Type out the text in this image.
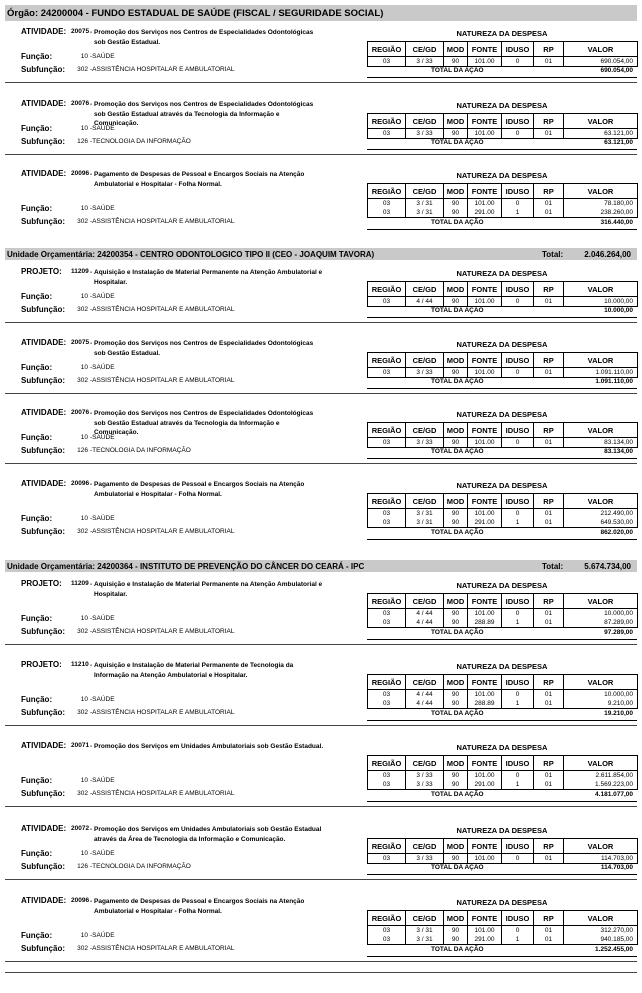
Órgão: 24200004 - FUNDO ESTADUAL DE SAÚDE (FISCAL / SEGURIDADE SOCIAL)
Unidade Orçamentária: 24200354 - CENTRO ODONTOLOGICO TIPO II (CEO - JOAQUIM TAVORA)	Total:	2.046.264,00
Unidade Orçamentária: 24200364 - INSTITUTO DE PREVENÇÃO DO CÂNCER DO CEARÁ - IPC	Total:	5.674.734,00
ATIVIDADE: 20075 - Promoção dos Serviços nos Centros de Especialidades Odontológicas
sob Gestão Estadual.
Função:	10 -SAÚDE
Subfunção:	302 -ASSISTÊNCIA HOSPITALAR E AMBULATORIAL
NATUREZA DA DESPESA
REGIÃO	CE/GD	MOD	FONTE	IDUSO	RP	VALOR
03	3 / 33	90	101.00	0	01	690.054,00
TOTAL DA AÇÃO	690.054,00
ATIVIDADE: 20076 - Promoção dos Serviços nos Centros de Especialidades Odontológicas
sob Gestão Estadual através da Tecnologia da Informação e
Comunicação.
Função:	10 -SAÚDE
Subfunção:	126 -TECNOLOGIA DA INFORMAÇÃO
NATUREZA DA DESPESA
REGIÃO	CE/GD	MOD	FONTE	IDUSO	RP	VALOR
03	3 / 33	90	101.00	0	01	63.121,00
TOTAL DA AÇÃO	63.121,00
ATIVIDADE: 20096 - Pagamento de Despesas de Pessoal e Encargos Sociais na Atenção
Ambulatorial e Hospitalar - Folha Normal.
Função:	10 -SAÚDE
Subfunção:	302 -ASSISTÊNCIA HOSPITALAR E AMBULATORIAL
NATUREZA DA DESPESA
REGIÃO	CE/GD	MOD	FONTE	IDUSO	RP	VALOR
03	3 / 31	90	101.00	0	01	78.180,00
03	3 / 31	90	291.00	1	01	238.260,00
TOTAL DA AÇÃO	316.440,00
PROJETO: 11209 - Aquisição e Instalação de Material Permanente na Atenção Ambulatorial e
Hospitalar.
Função:	10 -SAÚDE
Subfunção:	302 -ASSISTÊNCIA HOSPITALAR E AMBULATORIAL
NATUREZA DA DESPESA
REGIÃO	CE/GD	MOD	FONTE	IDUSO	RP	VALOR
03	4 / 44	90	101.00	0	01	10.000,00
TOTAL DA AÇÃO	10.000,00
ATIVIDADE: 20075 - Promoção dos Serviços nos Centros de Especialidades Odontológicas
sob Gestão Estadual.
Função:	10 -SAÚDE
Subfunção:	302 -ASSISTÊNCIA HOSPITALAR E AMBULATORIAL
NATUREZA DA DESPESA
REGIÃO	CE/GD	MOD	FONTE	IDUSO	RP	VALOR
03	3 / 33	90	101.00	0	01	1.091.110,00
TOTAL DA AÇÃO	1.091.110,00
ATIVIDADE: 20076 - Promoção dos Serviços nos Centros de Especialidades Odontológicas
sob Gestão Estadual através da Tecnologia da Informação e
Comunicação.
Função:	10 -SAÚDE
Subfunção:	126 -TECNOLOGIA DA INFORMAÇÃO
NATUREZA DA DESPESA
REGIÃO	CE/GD	MOD	FONTE	IDUSO	RP	VALOR
03	3 / 33	90	101.00	0	01	83.134,00
TOTAL DA AÇÃO	83.134,00
ATIVIDADE: 20096 - Pagamento de Despesas de Pessoal e Encargos Sociais na Atenção
Ambulatorial e Hospitalar - Folha Normal.
Função:	10 -SAÚDE
Subfunção:	302 -ASSISTÊNCIA HOSPITALAR E AMBULATORIAL
NATUREZA DA DESPESA
REGIÃO	CE/GD	MOD	FONTE	IDUSO	RP	VALOR
03	3 / 31	90	101.00	0	01	212.490,00
03	3 / 31	90	291.00	1	01	649.530,00
TOTAL DA AÇÃO	862.020,00
PROJETO: 11209 - Aquisição e Instalação de Material Permanente na Atenção Ambulatorial e
Hospitalar.
Função:	10 -SAÚDE
Subfunção:	302 -ASSISTÊNCIA HOSPITALAR E AMBULATORIAL
NATUREZA DA DESPESA
REGIÃO	CE/GD	MOD	FONTE	IDUSO	RP	VALOR
03	4 / 44	90	101.00	0	01	10.000,00
03	4 / 44	90	288.89	1	01	87.289,00
TOTAL DA AÇÃO	97.289,00
PROJETO: 11210 - Aquisição e Instalação de Material Permanente de Tecnologia da
Informação na Atenção Ambulatorial e Hospitalar.
Função:	10 -SAÚDE
Subfunção:	302 -ASSISTÊNCIA HOSPITALAR E AMBULATORIAL
NATUREZA DA DESPESA
REGIÃO	CE/GD	MOD	FONTE	IDUSO	RP	VALOR
03	4 / 44	90	101.00	0	01	10.000,00
03	4 / 44	90	288.89	1	01	9.210,00
TOTAL DA AÇÃO	19.210,00
ATIVIDADE: 20071 - Promoção dos Serviços em Unidades Ambulatoriais sob Gestão Estadual.
Função:	10 -SAÚDE
Subfunção:	302 -ASSISTÊNCIA HOSPITALAR E AMBULATORIAL
NATUREZA DA DESPESA
REGIÃO	CE/GD	MOD	FONTE	IDUSO	RP	VALOR
03	3 / 33	90	101.00	0	01	2.611.854,00
03	3 / 33	90	291.00	1	01	1.569.223,00
TOTAL DA AÇÃO	4.181.077,00
ATIVIDADE: 20072 - Promoção dos Serviços em Unidades Ambulatoriais sob Gestão Estadual
através da Área de Tecnologia da Informação e Comunicação.
Função:	10 -SAÚDE
Subfunção:	126 -TECNOLOGIA DA INFORMAÇÃO
NATUREZA DA DESPESA
REGIÃO	CE/GD	MOD	FONTE	IDUSO	RP	VALOR
03	3 / 33	90	101.00	0	01	114.703,00
TOTAL DA AÇÃO	114.703,00
ATIVIDADE: 20096 - Pagamento de Despesas de Pessoal e Encargos Sociais na Atenção
Ambulatorial e Hospitalar - Folha Normal.
Função:	10 -SAÚDE
Subfunção:	302 -ASSISTÊNCIA HOSPITALAR E AMBULATORIAL
NATUREZA DA DESPESA
REGIÃO	CE/GD	MOD	FONTE	IDUSO	RP	VALOR
03	3 / 31	90	101.00	0	01	312.270,00
03	3 / 31	90	291.00	1	01	940.185,00
TOTAL DA AÇÃO	1.252.455,00
